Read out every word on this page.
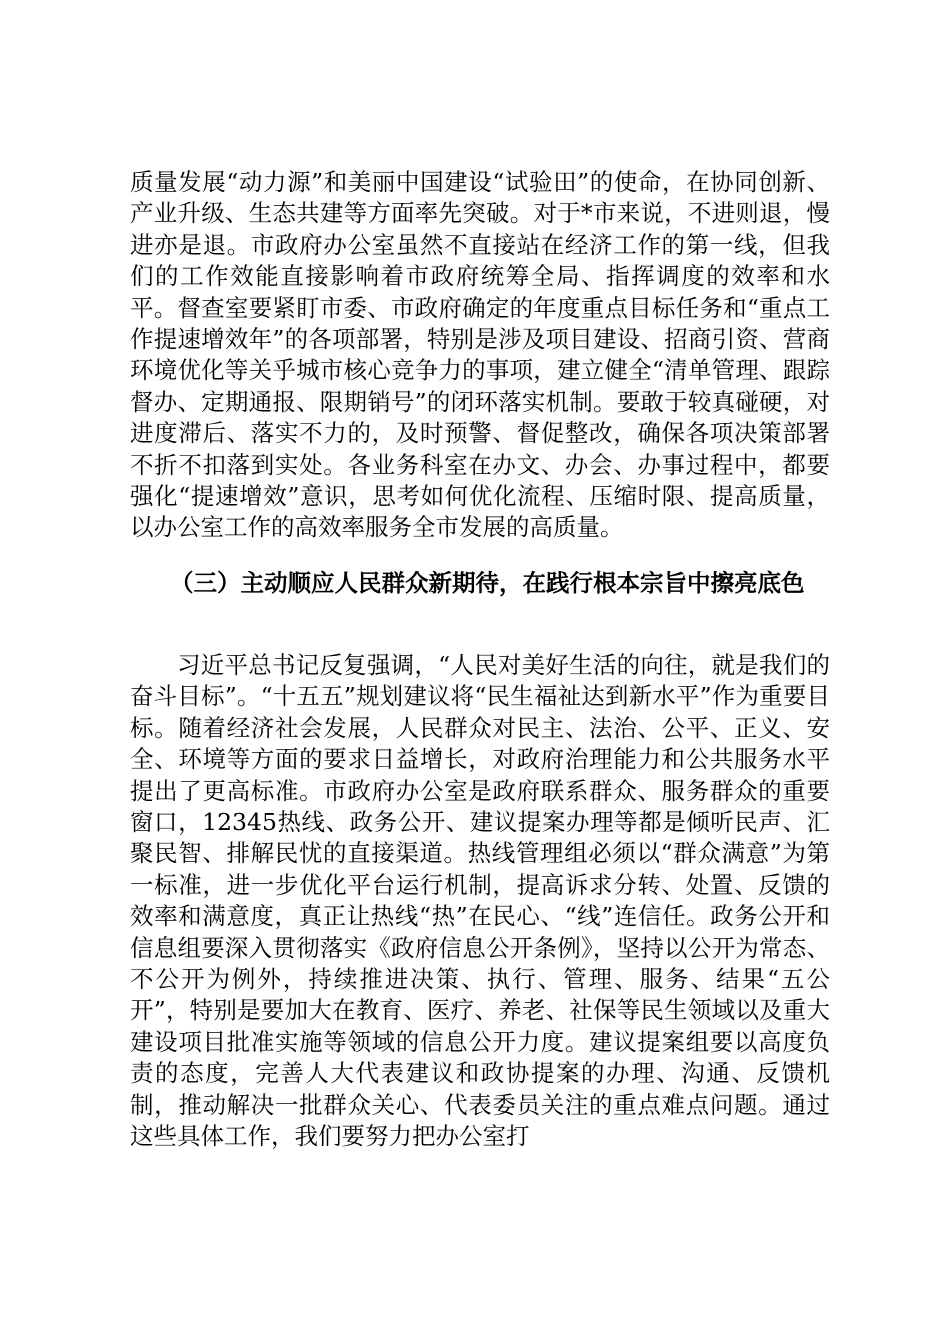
质量发展“动力源”和美丽中国建设“试验田”的使命，在协同创新、产业升级、生态共建等方面率先突破。对于*市来说，不进则退，慢进亦是退。市政府办公室虽然不直接站在经济工作的第一线，但我们的工作效能直接影响着市政府统筹全局、指挥调度的效率和水平。督查室要紧盯市委、市政府确定的年度重点目标任务和“重点工作提速增效年”的各项部署，特别是涉及项目建设、招商引资、营商环境优化等关乎城市核心竞争力的事项，建立健全“清单管理、跟踪督办、定期通报、限期销号”的闭环落实机制。要敢于较真碰硬，对进度滞后、落实不力的，及时预警、督促整改，确保各项决策部署不折不扣落到实处。各业务科室在办文、办会、办事过程中，都要强化“提速增效”意识，思考如何优化流程、压缩时限、提高质量，以办公室工作的高效率服务全市发展的高质量。

（三）主动顺应人民群众新期待，在践行根本宗旨中擦亮底色

习近平总书记反复强调，“人民对美好生活的向往，就是我们的奋斗目标”。“十五五”规划建议将“民生福祉达到新水平”作为重要目标。随着经济社会发展，人民群众对民主、法治、公平、正义、安全、环境等方面的要求日益增长，对政府治理能力和公共服务水平提出了更高标准。市政府办公室是政府联系群众、服务群众的重要窗口，12345热线、政务公开、建议提案办理等都是倾听民声、汇聚民智、排解民忧的直接渠道。热线管理组必须以“群众满意”为第一标准，进一步优化平台运行机制，提高诉求分转、处置、反馈的效率和满意度，真正让热线“热”在民心、“线”连信任。政务公开和信息组要深入贯彻落实《政府信息公开条例》，坚持以公开为常态、不公开为例外，持续推进决策、执行、管理、服务、结果“五公开”，特别是要加大在教育、医疗、养老、社保等民生领域以及重大建设项目批准实施等领域的信息公开力度。建议提案组要以高度负责的态度，完善人大代表建议和政协提案的办理、沟通、反馈机制，推动解决一批群众关心、代表委员关注的重点难点问题。通过这些具体工作，我们要努力把办公室打
